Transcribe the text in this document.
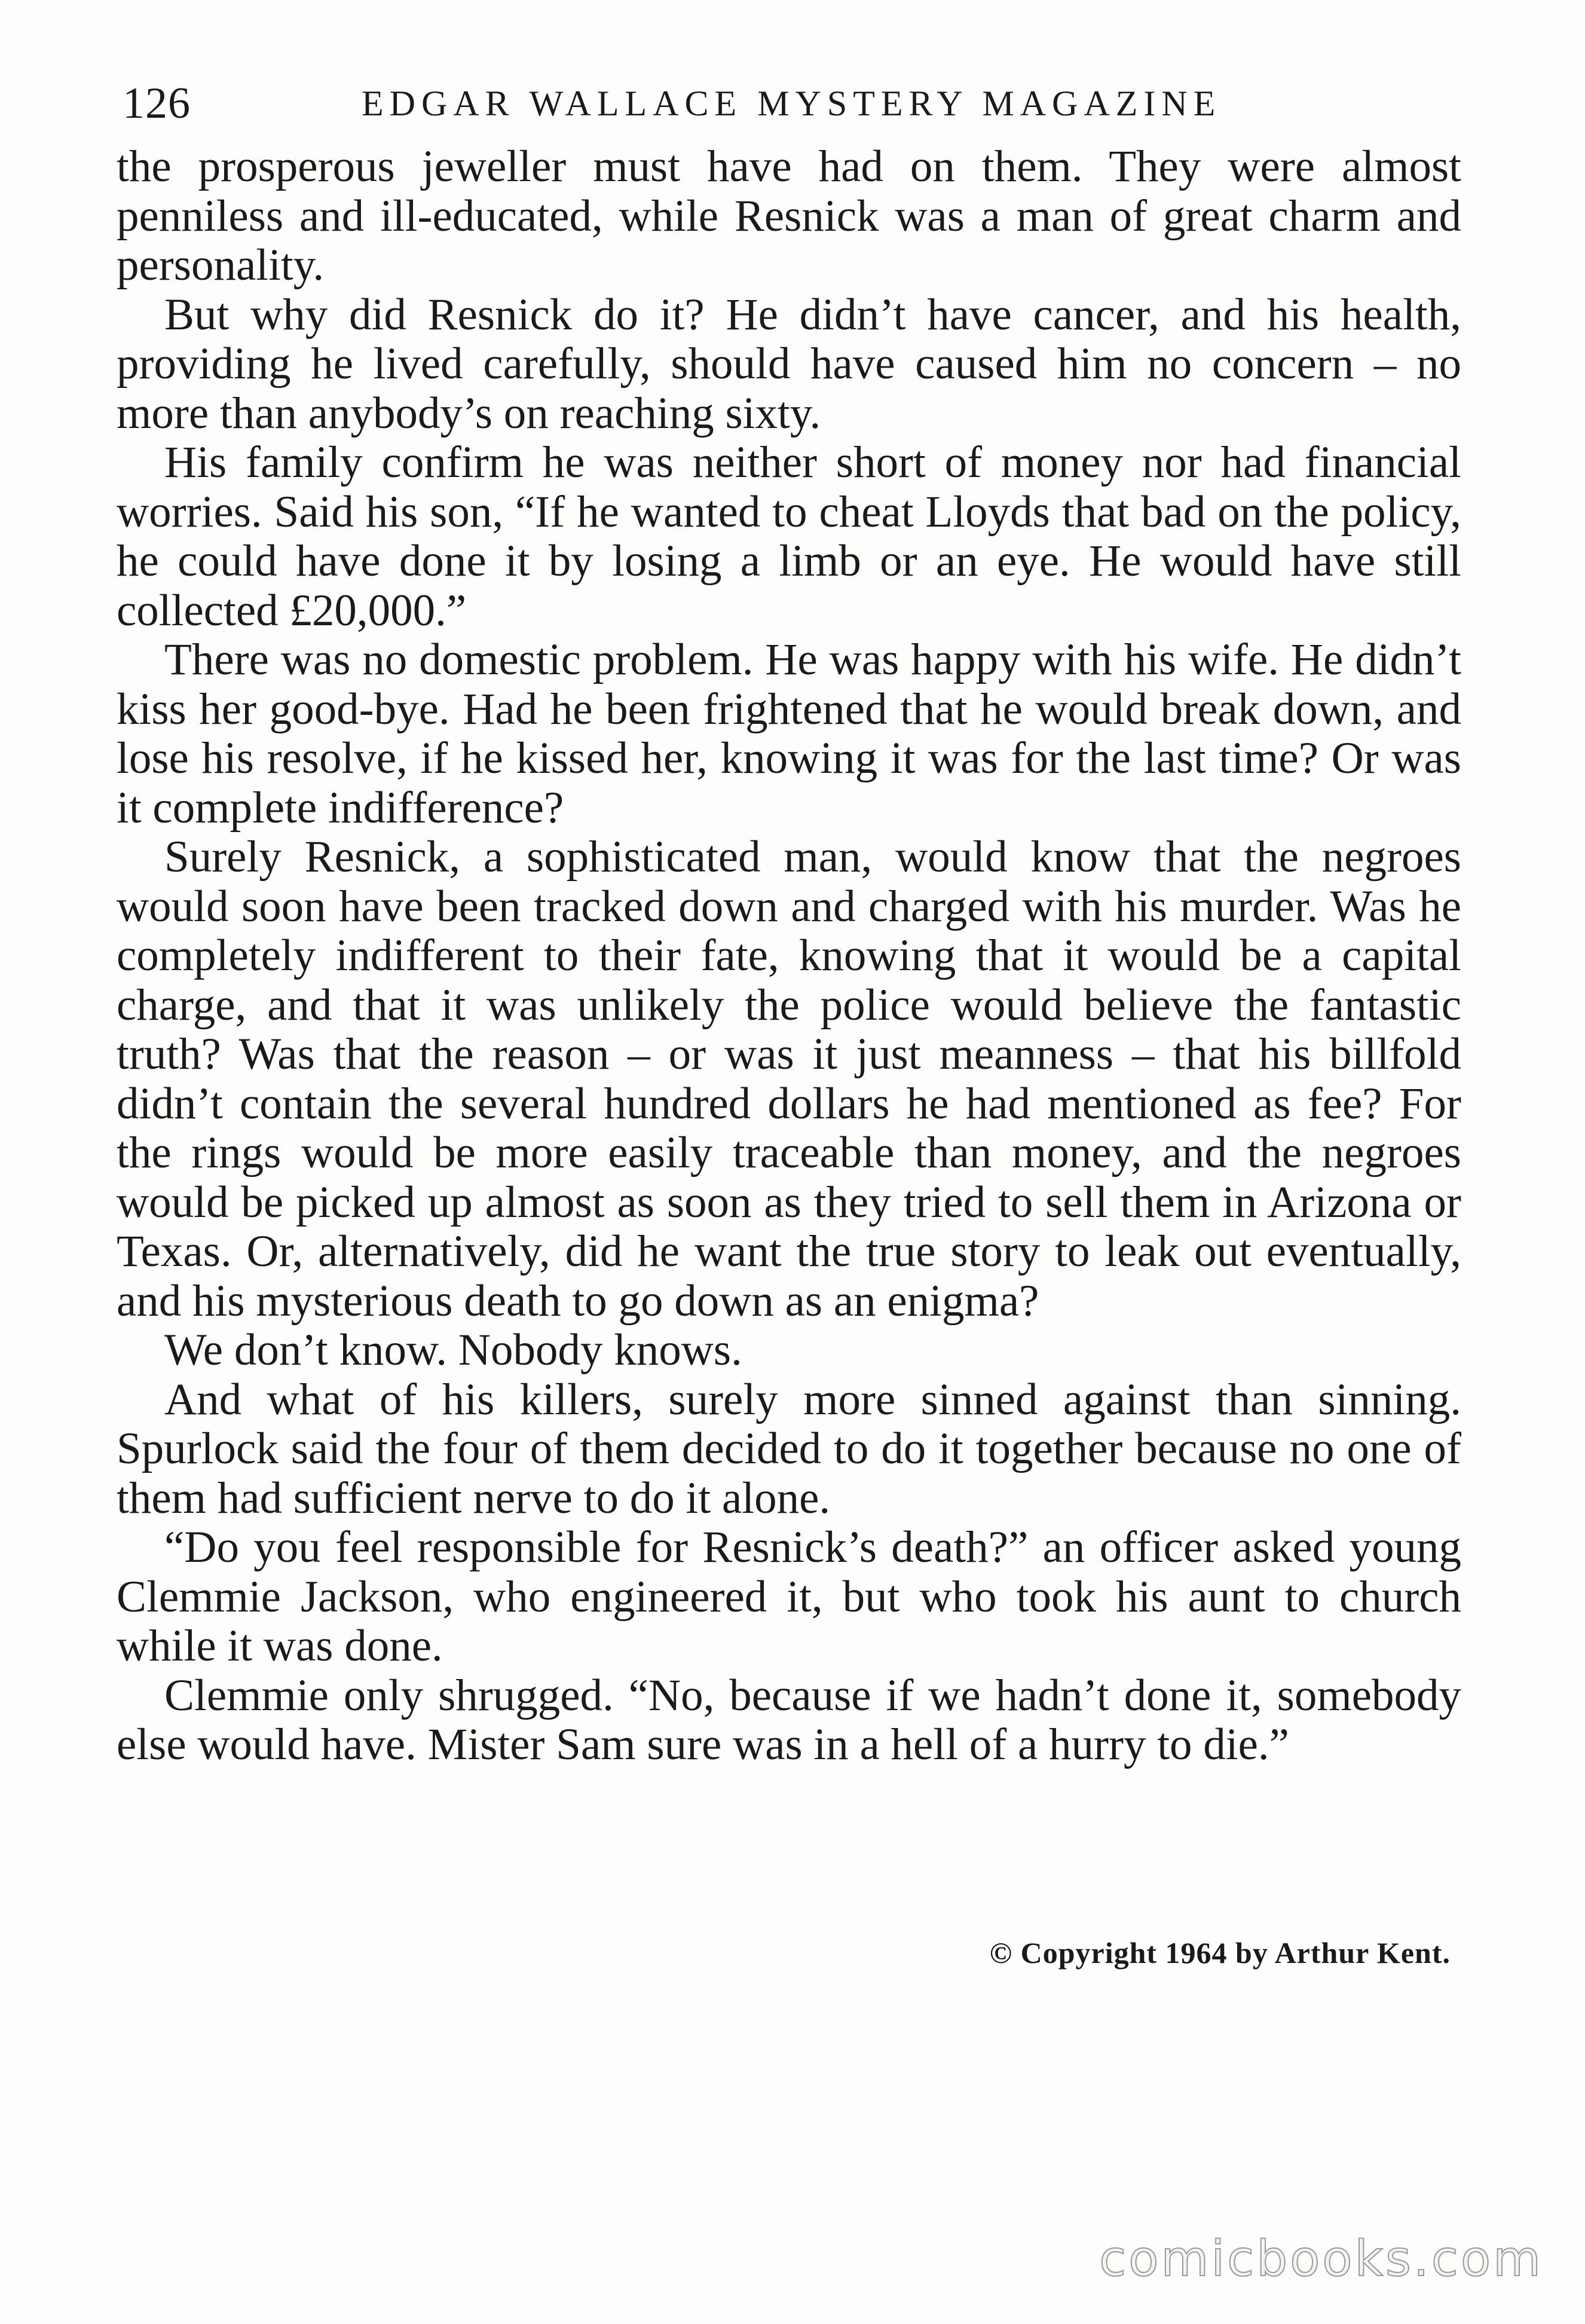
126	EDGAR WALLACE MYSTERY MAGAZINE

the prosperous jeweller must have had on them. They were almost penniless and ill-educated, while Resnick was a man of great charm and personality.

But why did Resnick do it? He didn’t have cancer, and his health, providing he lived carefully, should have caused him no concern – no more than anybody’s on reaching sixty.

His family confirm he was neither short of money nor had financial worries. Said his son, “If he wanted to cheat Lloyds that bad on the policy, he could have done it by losing a limb or an eye. He would have still collected £20,000.”

There was no domestic problem. He was happy with his wife. He didn’t kiss her good-bye. Had he been frightened that he would break down, and lose his resolve, if he kissed her, knowing it was for the last time? Or was it complete indifference?

Surely Resnick, a sophisticated man, would know that the negroes would soon have been tracked down and charged with his murder. Was he completely indifferent to their fate, knowing that it would be a capital charge, and that it was unlikely the police would believe the fantastic truth? Was that the reason – or was it just meanness – that his billfold didn’t contain the several hundred dollars he had mentioned as fee? For the rings would be more easily traceable than money, and the negroes would be picked up almost as soon as they tried to sell them in Arizona or Texas. Or, alternatively, did he want the true story to leak out eventually, and his mysterious death to go down as an enigma?

We don’t know. Nobody knows.

And what of his killers, surely more sinned against than sinning. Spurlock said the four of them decided to do it together because no one of them had sufficient nerve to do it alone.

“Do you feel responsible for Resnick’s death?” an officer asked young Clemmie Jackson, who engineered it, but who took his aunt to church while it was done.

Clemmie only shrugged. “No, because if we hadn’t done it, somebody else would have. Mister Sam sure was in a hell of a hurry to die.”

© Copyright 1964 by Arthur Kent.
comicbooks.com
